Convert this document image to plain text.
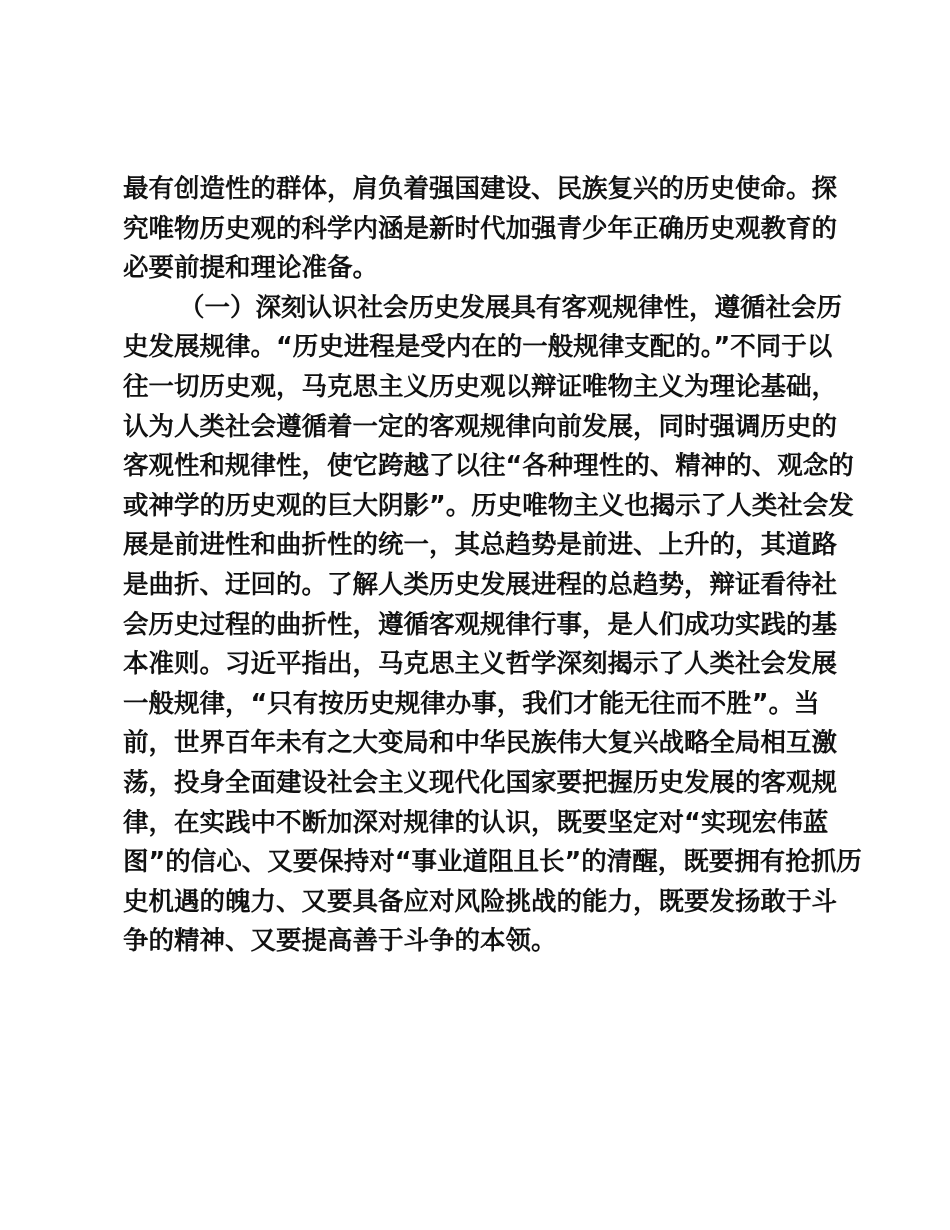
最有创造性的群体，肩负着强国建设、民族复兴的历史使命。探
究唯物历史观的科学内涵是新时代加强青少年正确历史观教育的
必要前提和理论准备。
（一）深刻认识社会历史发展具有客观规律性，遵循社会历
史发展规律。“历史进程是受内在的一般规律支配的。”不同于以
往一切历史观，马克思主义历史观以辩证唯物主义为理论基础，
认为人类社会遵循着一定的客观规律向前发展，同时强调历史的
客观性和规律性，使它跨越了以往“各种理性的、精神的、观念的
或神学的历史观的巨大阴影”。历史唯物主义也揭示了人类社会发
展是前进性和曲折性的统一，其总趋势是前进、上升的，其道路
是曲折、迂回的。了解人类历史发展进程的总趋势，辩证看待社
会历史过程的曲折性，遵循客观规律行事，是人们成功实践的基
本准则。习近平指出，马克思主义哲学深刻揭示了人类社会发展
一般规律，“只有按历史规律办事，我们才能无往而不胜”。当
前，世界百年未有之大变局和中华民族伟大复兴战略全局相互激
荡，投身全面建设社会主义现代化国家要把握历史发展的客观规
律，在实践中不断加深对规律的认识，既要坚定对“实现宏伟蓝
图”的信心、又要保持对“事业道阻且长”的清醒，既要拥有抢抓历
史机遇的魄力、又要具备应对风险挑战的能力，既要发扬敢于斗
争的精神、又要提高善于斗争的本领。
